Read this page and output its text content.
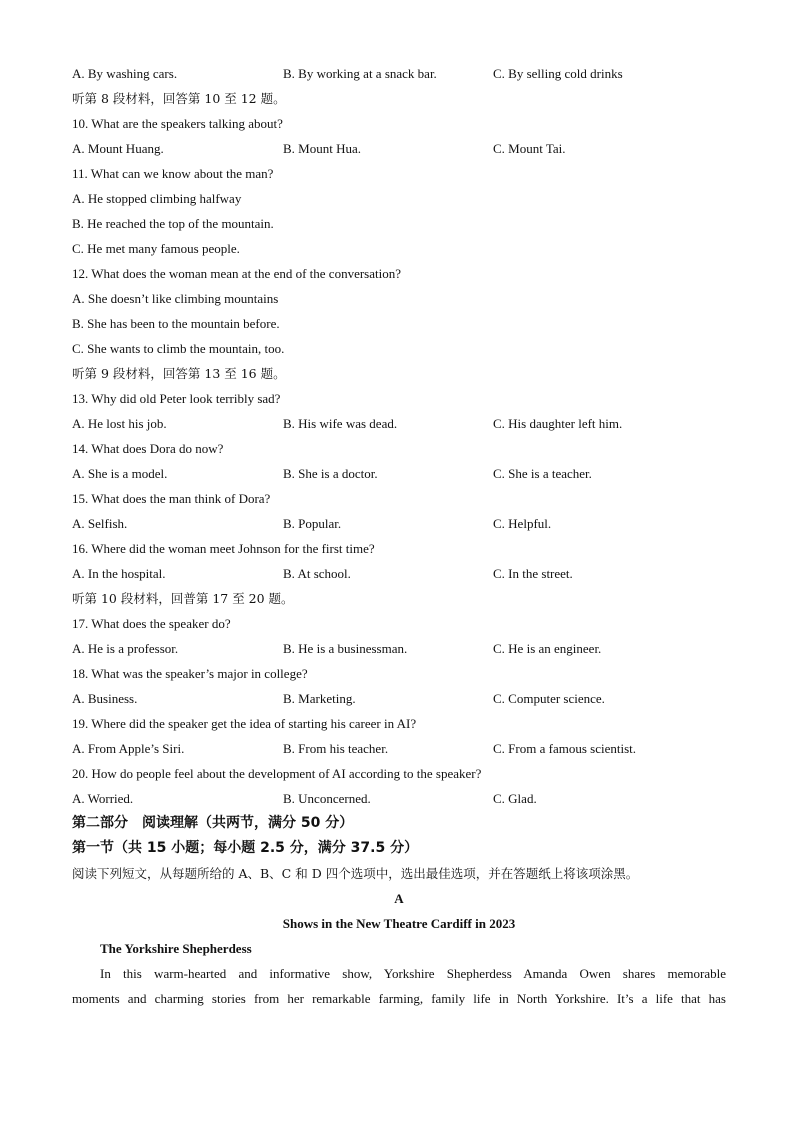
A. By washing cars.	B. By working at a snack bar.	C. By selling cold drinks
听第 8 段材料，回答第 10 至 12 题。
10. What are the speakers talking about?
A. Mount Huang.	B. Mount Hua.	C. Mount Tai.
11. What can we know about the man?
A. He stopped climbing halfway
B. He reached the top of the mountain.
C. He met many famous people.
12. What does the woman mean at the end of the conversation?
A. She doesn’t like climbing mountains
B. She has been to the mountain before.
C. She wants to climb the mountain, too.
听第 9 段材料，回答第 13 至 16 题。
13. Why did old Peter look terribly sad?
A. He lost his job.	B. His wife was dead.	C. His daughter left him.
14. What does Dora do now?
A. She is a model.	B. She is a doctor.	C. She is a teacher.
15. What does the man think of Dora?
A. Selfish.	B. Popular.	C. Helpful.
16. Where did the woman meet Johnson for the first time?
A. In the hospital.	B. At school.	C. In the street.
听第 10 段材料，回普第 17 至 20 题。
17. What does the speaker do?
A. He is a professor.	B. He is a businessman.	C. He is an engineer.
18. What was the speaker’s major in college?
A. Business.	B. Marketing.	C. Computer science.
19. Where did the speaker get the idea of starting his career in AI?
A. From Apple’s Siri.	B. From his teacher.	C. From a famous scientist.
20. How do people feel about the development of AI according to the speaker?
A. Worried.	B. Unconcerned.	C. Glad.
第二部分　阅读理解（共两节，满分 50 分）
第一节（共 15 小题；每小题 2.5 分，满分 37.5 分）
阅读下列短文，从每题所给的 A、B、C 和 D 四个选项中，选出最佳选项，并在答题纸上将该项涂黑。
A
Shows in the New Theatre Cardiff in 2023
The Yorkshire Shepherdess
In this warm-hearted and informative show, Yorkshire Shepherdess Amanda Owen shares memorable
moments and charming stories from her remarkable farming, family life in North Yorkshire. It’s a life that has
